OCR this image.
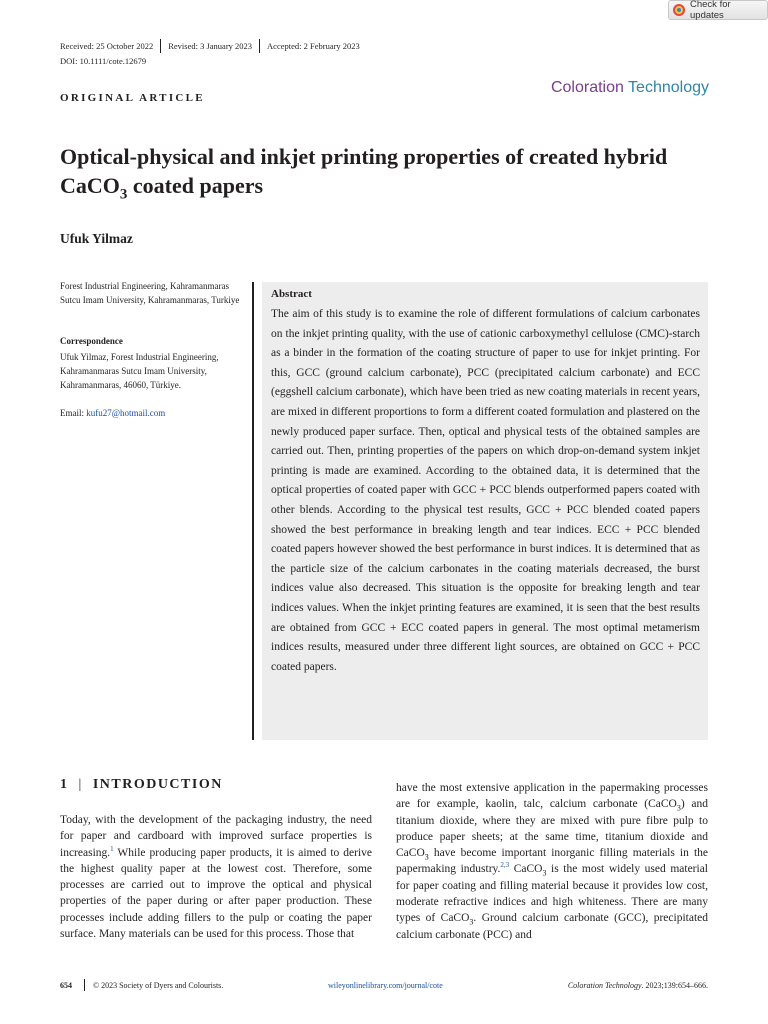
Check for updates
Received: 25 October 2022 Revised: 3 January 2023 Accepted: 2 February 2023
DOI: 10.1111/cote.12679
ORIGINAL ARTICLE
Coloration Technology
Optical-physical and inkjet printing properties of created hybrid CaCO$_3$ coated papers
Ufuk Yilmaz
Forest Industrial Engineering, Kahramanmaras Sutcu Imam University, Kahramanmaras, Turkiye
Correspondence
Ufuk Yilmaz, Forest Industrial Engineering, Kahramanmaras Sutcu Imam University, Kahramanmaras, 46060, Türkiye.
Email: kufu27@hotmail.com
Abstract

The aim of this study is to examine the role of different formulations of calcium carbonates on the inkjet printing quality, with the use of cationic carboxymethyl cellulose (CMC)-starch as a binder in the formation of the coating structure of paper to use for inkjet printing. For this, GCC (ground calcium carbonate), PCC (precipitated calcium carbonate) and ECC (eggshell calcium carbonate), which have been tried as new coating materials in recent years, are mixed in different proportions to form a different coated formulation and plastered on the newly produced paper surface. Then, optical and physical tests of the obtained samples are carried out. Then, printing properties of the papers on which drop-on-demand system inkjet printing is made are examined. According to the obtained data, it is determined that the optical properties of coated paper with GCC + PCC blends outperformed papers coated with other blends. According to the physical test results, GCC + PCC blended coated papers showed the best performance in breaking length and tear indices. ECC + PCC blended coated papers however showed the best performance in burst indices. It is determined that as the particle size of the calcium carbonates in the coating materials decreased, the burst indices value also decreased. This situation is the opposite for breaking length and tear indices values. When the inkjet printing features are examined, it is seen that the best results are obtained from GCC + ECC coated papers in general. The most optimal metamerism indices results, measured under three different light sources, are obtained on GCC + PCC coated papers.

1 | INTRODUCTION

Today, with the development of the packaging industry, the need for paper and cardboard with improved surface properties is increasing.$^1$ While producing paper products, it is aimed to derive the highest quality paper at the lowest cost. Therefore, some processes are carried out to improve the optical and physical properties of the paper during or after paper production. These processes include adding fillers to the pulp or coating the paper surface. Many materials can be used for this process. Those that

have the most extensive application in the papermaking processes are for example, kaolin, talc, calcium carbonate (CaCO$_3$) and titanium dioxide, where they are mixed with pure fibre pulp to produce paper sheets; at the same time, titanium dioxide and CaCO$_3$ have become important inorganic filling materials in the papermaking industry.$^{2,3}$ CaCO$_3$ is the most widely used material for paper coating and filling material because it provides low cost, moderate refractive indices and high whiteness. There are many types of CaCO$_3$. Ground calcium carbonate (GCC), precipitated calcium carbonate (PCC) and

654	© 2023 Society of Dyers and Colourists.	wileyonlinelibrary.com/journal/cote	Coloration Technology. 2023;139:654–666.
